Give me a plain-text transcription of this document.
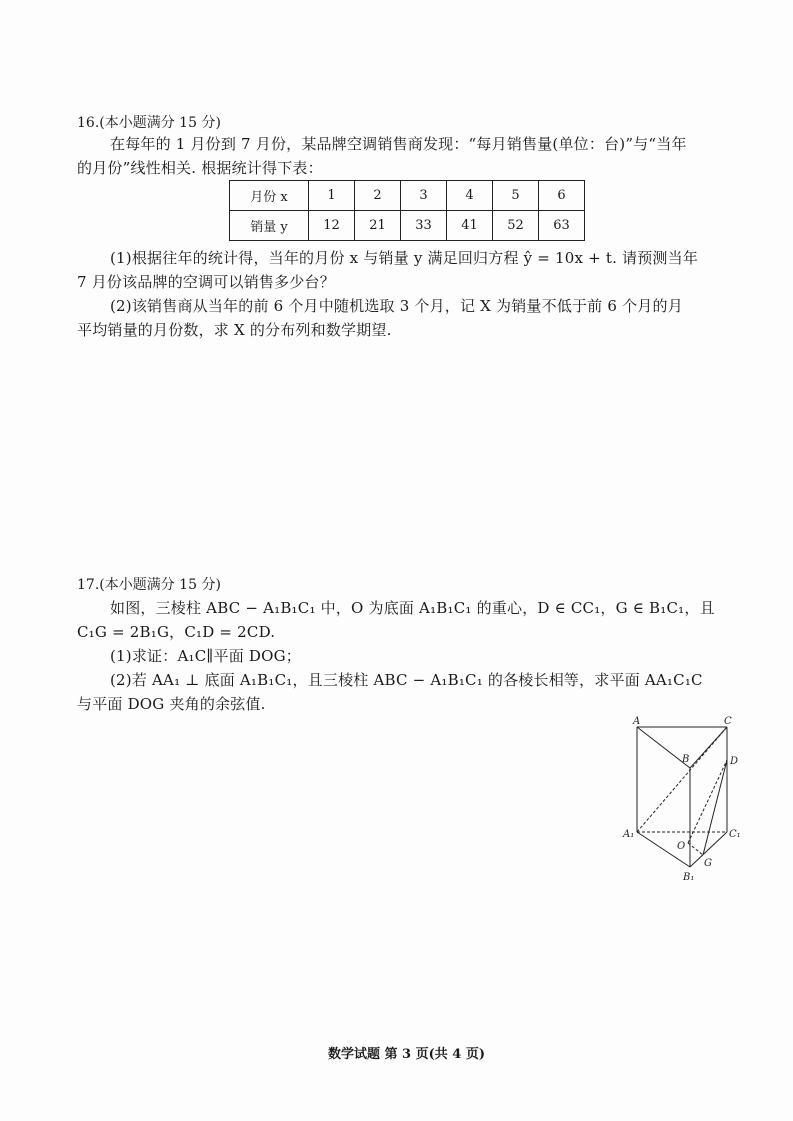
16.(本小题满分 15 分)
在每年的 1 月份到 7 月份，某品牌空调销售商发现：“每月销售量(单位：台)”与“当年
的月份”线性相关. 根据统计得下表：
月份 x	1	2	3	4	5	6
销量 y	12	21	33	41	52	63
(1)根据往年的统计得，当年的月份 x 与销量 y 满足回归方程 ŷ = 10x + t. 请预测当年
7 月份该品牌的空调可以销售多少台？
(2)该销售商从当年的前 6 个月中随机选取 3 个月，记 X 为销量不低于前 6 个月的月
平均销量的月份数，求 X 的分布列和数学期望.
17.(本小题满分 15 分)
如图，三棱柱 ABC − A₁B₁C₁ 中，O 为底面 A₁B₁C₁ 的重心，D ∈ CC₁，G ∈ B₁C₁，且
C₁G = 2B₁G，C₁D = 2CD.
(1)求证：A₁C∥平面 DOG；
(2)若 AA₁ ⊥ 底面 A₁B₁C₁，且三棱柱 ABC − A₁B₁C₁ 的各棱长相等，求平面 AA₁C₁C
与平面 DOG 夹角的余弦值.
A	C
B	D
A₁	C₁
O
G
B₁
数学试题 第 3 页(共 4 页)
